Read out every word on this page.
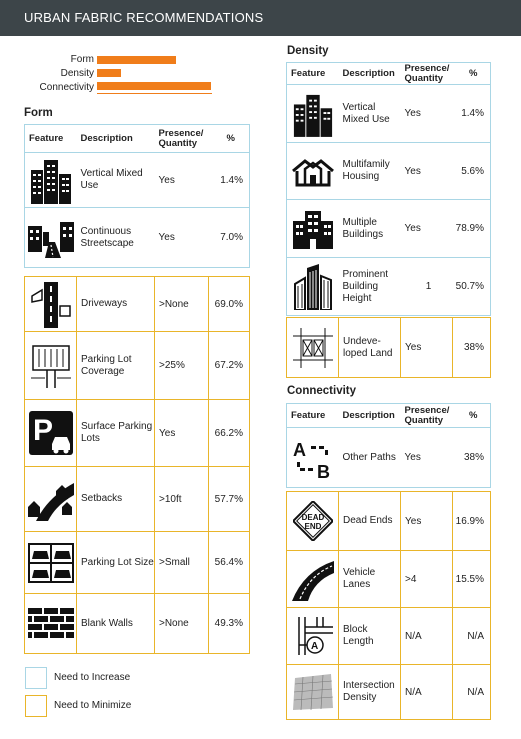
URBAN FABRIC RECOMMENDATIONS
Form
Density
Connectivity
Form
Feature	Description	Presence/ Quantity	%

	Vertical Mixed Use	Yes	1.4%

	Continuous Streetscape	Yes	7.0%
	Driveways	>None	69.0%

	Parking Lot Coverage	>25%	67.2%

P	Surface Parking Lots	Yes	66.2%

	Setbacks	>10ft	57.7%

	Parking Lot Size	>Small	56.4%

	Blank Walls	>None	49.3%
Need to Increase
Need to Minimize
Density
Feature	Description	Presence/ Quantity	%

	Vertical Mixed Use	Yes	1.4%

	Multifamily Housing	Yes	5.6%

	Multiple Buildings	Yes	78.9%

	Prominent Building Height	1	50.7%
	Undeve-loped Land	Yes	38%
Connectivity
Feature	Description	Presence/ Quantity	%

A
B	Other Paths	Yes	38%
DEAD
END	Dead Ends	Yes	16.9%

	Vehicle Lanes	>4	15.5%

A	Block Length	N/A	N/A

	Intersection Density	N/A	N/A
